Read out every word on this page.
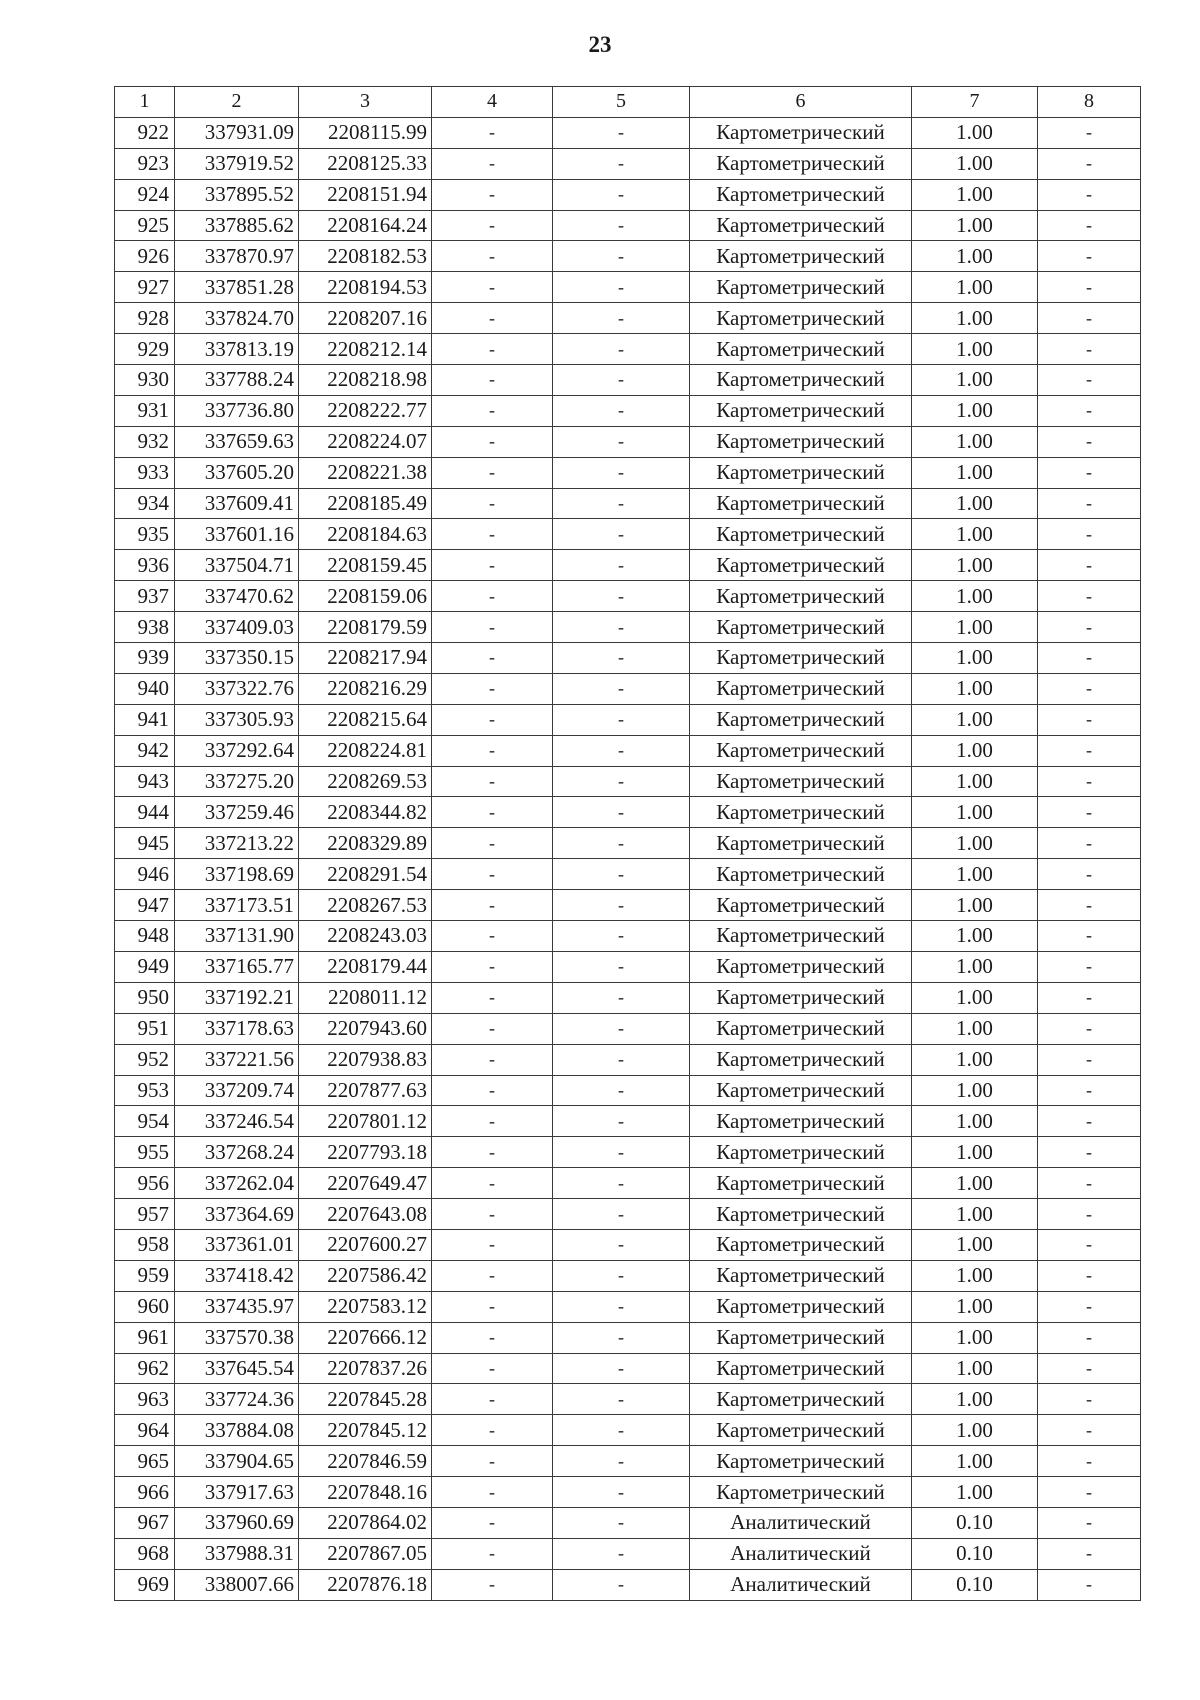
23
1	2	3	4	5	6	7	8
922	337931.09	2208115.99	-	-	Картометрический	1.00	-
923	337919.52	2208125.33	-	-	Картометрический	1.00	-
924	337895.52	2208151.94	-	-	Картометрический	1.00	-
925	337885.62	2208164.24	-	-	Картометрический	1.00	-
926	337870.97	2208182.53	-	-	Картометрический	1.00	-
927	337851.28	2208194.53	-	-	Картометрический	1.00	-
928	337824.70	2208207.16	-	-	Картометрический	1.00	-
929	337813.19	2208212.14	-	-	Картометрический	1.00	-
930	337788.24	2208218.98	-	-	Картометрический	1.00	-
931	337736.80	2208222.77	-	-	Картометрический	1.00	-
932	337659.63	2208224.07	-	-	Картометрический	1.00	-
933	337605.20	2208221.38	-	-	Картометрический	1.00	-
934	337609.41	2208185.49	-	-	Картометрический	1.00	-
935	337601.16	2208184.63	-	-	Картометрический	1.00	-
936	337504.71	2208159.45	-	-	Картометрический	1.00	-
937	337470.62	2208159.06	-	-	Картометрический	1.00	-
938	337409.03	2208179.59	-	-	Картометрический	1.00	-
939	337350.15	2208217.94	-	-	Картометрический	1.00	-
940	337322.76	2208216.29	-	-	Картометрический	1.00	-
941	337305.93	2208215.64	-	-	Картометрический	1.00	-
942	337292.64	2208224.81	-	-	Картометрический	1.00	-
943	337275.20	2208269.53	-	-	Картометрический	1.00	-
944	337259.46	2208344.82	-	-	Картометрический	1.00	-
945	337213.22	2208329.89	-	-	Картометрический	1.00	-
946	337198.69	2208291.54	-	-	Картометрический	1.00	-
947	337173.51	2208267.53	-	-	Картометрический	1.00	-
948	337131.90	2208243.03	-	-	Картометрический	1.00	-
949	337165.77	2208179.44	-	-	Картометрический	1.00	-
950	337192.21	2208011.12	-	-	Картометрический	1.00	-
951	337178.63	2207943.60	-	-	Картометрический	1.00	-
952	337221.56	2207938.83	-	-	Картометрический	1.00	-
953	337209.74	2207877.63	-	-	Картометрический	1.00	-
954	337246.54	2207801.12	-	-	Картометрический	1.00	-
955	337268.24	2207793.18	-	-	Картометрический	1.00	-
956	337262.04	2207649.47	-	-	Картометрический	1.00	-
957	337364.69	2207643.08	-	-	Картометрический	1.00	-
958	337361.01	2207600.27	-	-	Картометрический	1.00	-
959	337418.42	2207586.42	-	-	Картометрический	1.00	-
960	337435.97	2207583.12	-	-	Картометрический	1.00	-
961	337570.38	2207666.12	-	-	Картометрический	1.00	-
962	337645.54	2207837.26	-	-	Картометрический	1.00	-
963	337724.36	2207845.28	-	-	Картометрический	1.00	-
964	337884.08	2207845.12	-	-	Картометрический	1.00	-
965	337904.65	2207846.59	-	-	Картометрический	1.00	-
966	337917.63	2207848.16	-	-	Картометрический	1.00	-
967	337960.69	2207864.02	-	-	Аналитический	0.10	-
968	337988.31	2207867.05	-	-	Аналитический	0.10	-
969	338007.66	2207876.18	-	-	Аналитический	0.10	-
